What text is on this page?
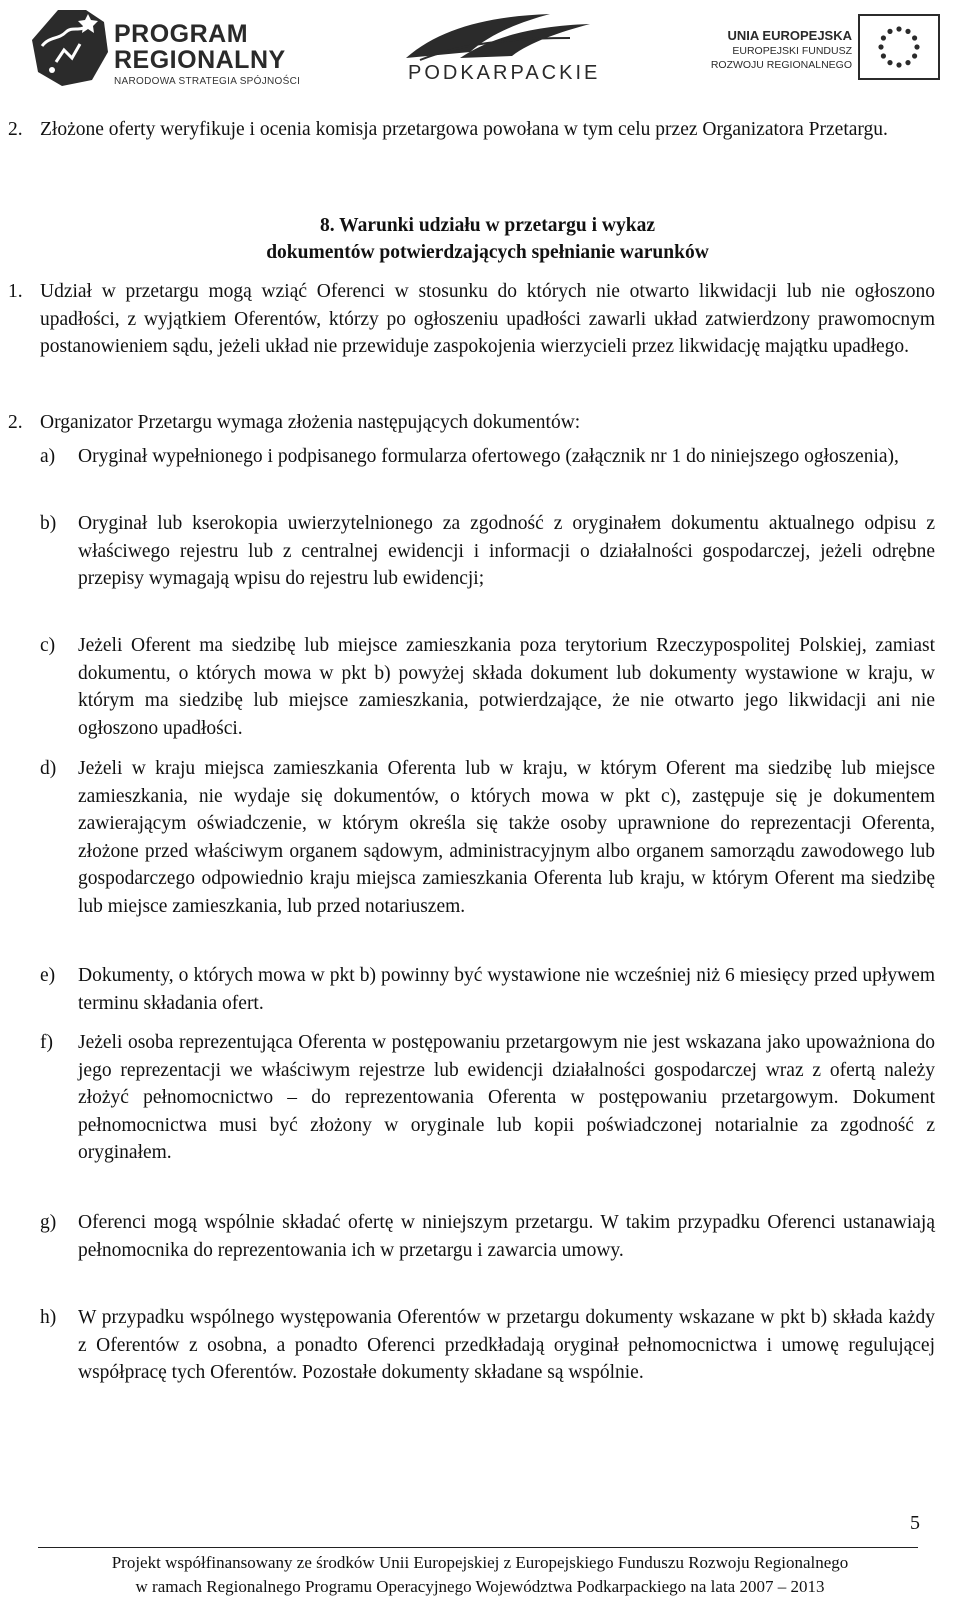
PROGRAM
REGIONALNY
NARODOWA STRATEGIA SPÓJNOŚCI	PODKARPACKIE
UNIA EUROPEJSKA
EUROPEJSKI FUNDUSZ
ROZWOJU REGIONALNEGO
2. Złożone oferty weryfikuje i ocenia komisja przetargowa powołana w tym celu przez Organizatora Przetargu.
8. Warunki udziału w przetargu i wykaz
dokumentów potwierdzających spełnianie warunków
1. Udział w przetargu mogą wziąć Oferenci w stosunku do których nie otwarto likwidacji lub nie ogłoszono upadłości, z wyjątkiem Oferentów, którzy po ogłoszeniu upadłości zawarli układ zatwierdzony prawomocnym postanowieniem sądu, jeżeli układ nie przewiduje zaspokojenia wierzycieli przez likwidację majątku upadłego.
2. Organizator Przetargu wymaga złożenia następujących dokumentów:
a) Oryginał wypełnionego i podpisanego formularza ofertowego (załącznik nr 1 do niniejszego ogłoszenia),
b) Oryginał lub kserokopia uwierzytelnionego za zgodność z oryginałem dokumentu aktualnego odpisu z właściwego rejestru lub z centralnej ewidencji i informacji o działalności gospodarczej, jeżeli odrębne przepisy wymagają wpisu do rejestru lub ewidencji;
c) Jeżeli Oferent ma siedzibę lub miejsce zamieszkania poza terytorium Rzeczypospolitej Polskiej, zamiast dokumentu, o których mowa w pkt b) powyżej składa dokument lub dokumenty wystawione w kraju, w którym ma siedzibę lub miejsce zamieszkania, potwierdzające, że nie otwarto jego likwidacji ani nie ogłoszono upadłości.
d) Jeżeli w kraju miejsca zamieszkania Oferenta lub w kraju, w którym Oferent ma siedzibę lub miejsce zamieszkania, nie wydaje się dokumentów, o których mowa w pkt c), zastępuje się je dokumentem zawierającym oświadczenie, w którym określa się także osoby uprawnione do reprezentacji Oferenta, złożone przed właściwym organem sądowym, administracyjnym albo organem samorządu zawodowego lub gospodarczego odpowiednio kraju miejsca zamieszkania Oferenta lub kraju, w którym Oferent ma siedzibę lub miejsce zamieszkania, lub przed notariuszem.
e) Dokumenty, o których mowa w pkt b) powinny być wystawione nie wcześniej niż 6 miesięcy przed upływem terminu składania ofert.
f) Jeżeli osoba reprezentująca Oferenta w postępowaniu przetargowym nie jest wskazana jako upoważniona do jego reprezentacji we właściwym rejestrze lub ewidencji działalności gospodarczej wraz z ofertą należy złożyć pełnomocnictwo – do reprezentowania Oferenta w postępowaniu przetargowym. Dokument pełnomocnictwa musi być złożony w oryginale lub kopii poświadczonej notarialnie za zgodność z oryginałem.
g) Oferenci mogą wspólnie składać ofertę w niniejszym przetargu. W takim przypadku Oferenci ustanawiają pełnomocnika do reprezentowania ich w przetargu i zawarcia umowy.
h) W przypadku wspólnego występowania Oferentów w przetargu dokumenty wskazane w pkt b) składa każdy z Oferentów z osobna, a ponadto Oferenci przedkładają oryginał pełnomocnictwa i umowę regulującej współpracę tych Oferentów. Pozostałe dokumenty składane są wspólnie.
5
Projekt współfinansowany ze środków Unii Europejskiej z Europejskiego Funduszu Rozwoju Regionalnego
w ramach Regionalnego Programu Operacyjnego Województwa Podkarpackiego na lata 2007 – 2013
